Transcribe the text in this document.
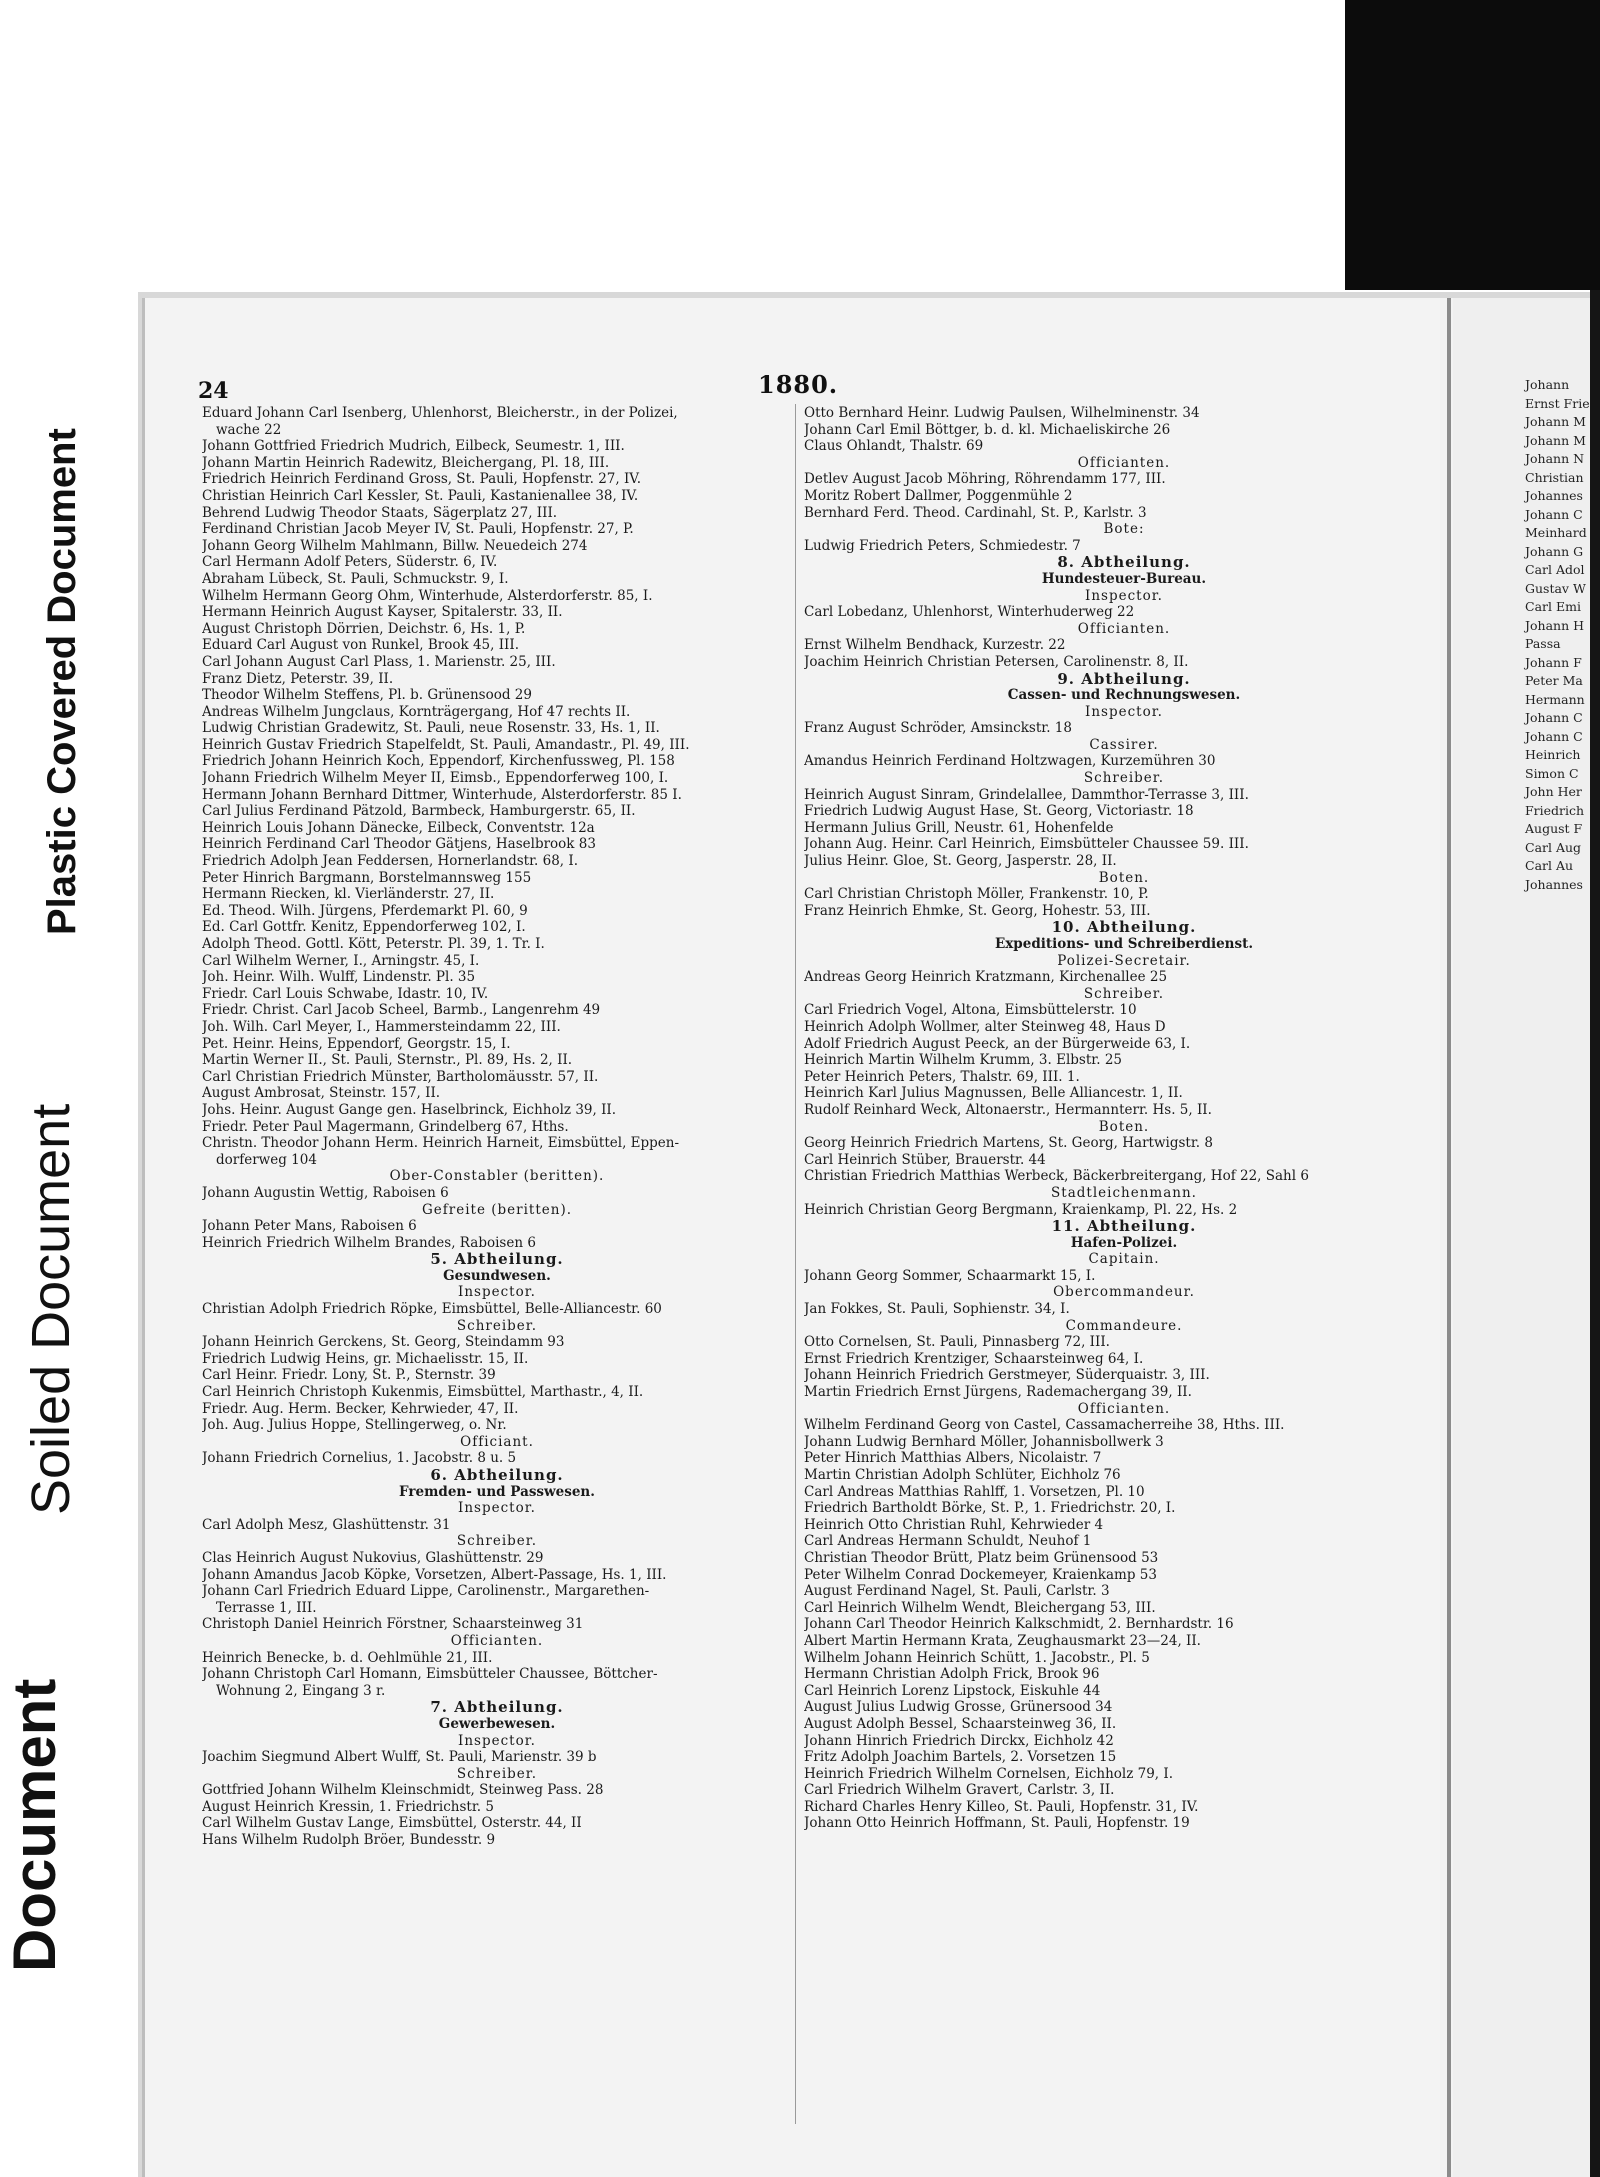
Plastic Covered Document
Soiled Document
Document
Johann
Ernst Frie
Johann M
Johann M
Johann N
Christian
Johannes
Johann C
Meinhard
Johann G
Carl Adol
Gustav W
Carl Emi
Johann H
Passa
Johann F
Peter Ma
Hermann
Johann C
Johann C
Heinrich
Simon C
John Her
Friedrich
August F
Carl Aug
Carl Au
Johannes
24	1880.
Eduard Johann Carl Isenberg, Uhlenhorst, Bleicherstr., in der Polizei,
wache 22
Johann Gottfried Friedrich Mudrich, Eilbeck, Seumestr. 1, III.
Johann Martin Heinrich Radewitz, Bleichergang, Pl. 18, III.
Friedrich Heinrich Ferdinand Gross, St. Pauli, Hopfenstr. 27, IV.
Christian Heinrich Carl Kessler, St. Pauli, Kastanienallee 38, IV.
Behrend Ludwig Theodor Staats, Sägerplatz 27, III.
Ferdinand Christian Jacob Meyer IV, St. Pauli, Hopfenstr. 27, P.
Johann Georg Wilhelm Mahlmann, Billw. Neuedeich 274
Carl Hermann Adolf Peters, Süderstr. 6, IV.
Abraham Lübeck, St. Pauli, Schmuckstr. 9, I.
Wilhelm Hermann Georg Ohm, Winterhude, Alsterdorferstr. 85, I.
Hermann Heinrich August Kayser, Spitalerstr. 33, II.
August Christoph Dörrien, Deichstr. 6, Hs. 1, P.
Eduard Carl August von Runkel, Brook 45, III.
Carl Johann August Carl Plass, 1. Marienstr. 25, III.
Franz Dietz, Peterstr. 39, II.
Theodor Wilhelm Steffens, Pl. b. Grünensood 29
Andreas Wilhelm Jungclaus, Kornträgergang, Hof 47 rechts II.
Ludwig Christian Gradewitz, St. Pauli, neue Rosenstr. 33, Hs. 1, II.
Heinrich Gustav Friedrich Stapelfeldt, St. Pauli, Amandastr., Pl. 49, III.
Friedrich Johann Heinrich Koch, Eppendorf, Kirchenfussweg, Pl. 158
Johann Friedrich Wilhelm Meyer II, Eimsb., Eppendorferweg 100, I.
Hermann Johann Bernhard Dittmer, Winterhude, Alsterdorferstr. 85 I.
Carl Julius Ferdinand Pätzold, Barmbeck, Hamburgerstr. 65, II.
Heinrich Louis Johann Dänecke, Eilbeck, Conventstr. 12a
Heinrich Ferdinand Carl Theodor Gätjens, Haselbrook 83
Friedrich Adolph Jean Feddersen, Hornerlandstr. 68, I.
Peter Hinrich Bargmann, Borstelmannsweg 155
Hermann Riecken, kl. Vierländerstr. 27, II.
Ed. Theod. Wilh. Jürgens, Pferdemarkt Pl. 60, 9
Ed. Carl Gottfr. Kenitz, Eppendorferweg 102, I.
Adolph Theod. Gottl. Kött, Peterstr. Pl. 39, 1. Tr. I.
Carl Wilhelm Werner, I., Arningstr. 45, I.
Joh. Heinr. Wilh. Wulff, Lindenstr. Pl. 35
Friedr. Carl Louis Schwabe, Idastr. 10, IV.
Friedr. Christ. Carl Jacob Scheel, Barmb., Langenrehm 49
Joh. Wilh. Carl Meyer, I., Hammersteindamm 22, III.
Pet. Heinr. Heins, Eppendorf, Georgstr. 15, I.
Martin Werner II., St. Pauli, Sternstr., Pl. 89, Hs. 2, II.
Carl Christian Friedrich Münster, Bartholomäusstr. 57, II.
August Ambrosat, Steinstr. 157, II.
Johs. Heinr. August Gange gen. Haselbrinck, Eichholz 39, II.
Friedr. Peter Paul Magermann, Grindelberg 67, Hths.
Christn. Theodor Johann Herm. Heinrich Harneit, Eimsbüttel, Eppen-
dorferweg 104
Ober-Constabler (beritten).
Johann Augustin Wettig, Raboisen 6
Gefreite (beritten).
Johann Peter Mans, Raboisen 6
Heinrich Friedrich Wilhelm Brandes, Raboisen 6
5. Abtheilung.
Gesundwesen.
Inspector.
Christian Adolph Friedrich Röpke, Eimsbüttel, Belle-Alliancestr. 60
Schreiber.
Johann Heinrich Gerckens, St. Georg, Steindamm 93
Friedrich Ludwig Heins, gr. Michaelisstr. 15, II.
Carl Heinr. Friedr. Lony, St. P., Sternstr. 39
Carl Heinrich Christoph Kukenmis, Eimsbüttel, Marthastr., 4, II.
Friedr. Aug. Herm. Becker, Kehrwieder, 47, II.
Joh. Aug. Julius Hoppe, Stellingerweg, o. Nr.
Officiant.
Johann Friedrich Cornelius, 1. Jacobstr. 8 u. 5
6. Abtheilung.
Fremden- und Passwesen.
Inspector.
Carl Adolph Mesz, Glashüttenstr. 31
Schreiber.
Clas Heinrich August Nukovius, Glashüttenstr. 29
Johann Amandus Jacob Köpke, Vorsetzen, Albert-Passage, Hs. 1, III.
Johann Carl Friedrich Eduard Lippe, Carolinenstr., Margarethen-
Terrasse 1, III.
Christoph Daniel Heinrich Förstner, Schaarsteinweg 31
Officianten.
Heinrich Benecke, b. d. Oehlmühle 21, III.
Johann Christoph Carl Homann, Eimsbütteler Chaussee, Böttcher-
Wohnung 2, Eingang 3 r.
7. Abtheilung.
Gewerbewesen.
Inspector.
Joachim Siegmund Albert Wulff, St. Pauli, Marienstr. 39 b
Schreiber.
Gottfried Johann Wilhelm Kleinschmidt, Steinweg Pass. 28
August Heinrich Kressin, 1. Friedrichstr. 5
Carl Wilhelm Gustav Lange, Eimsbüttel, Osterstr. 44, II
Hans Wilhelm Rudolph Bröer, Bundesstr. 9
Otto Bernhard Heinr. Ludwig Paulsen, Wilhelminenstr. 34
Johann Carl Emil Böttger, b. d. kl. Michaeliskirche 26
Claus Ohlandt, Thalstr. 69
Officianten.
Detlev August Jacob Möhring, Röhrendamm 177, III.
Moritz Robert Dallmer, Poggenmühle 2
Bernhard Ferd. Theod. Cardinahl, St. P., Karlstr. 3
Bote:
Ludwig Friedrich Peters, Schmiedestr. 7
8. Abtheilung.
Hundesteuer-Bureau.
Inspector.
Carl Lobedanz, Uhlenhorst, Winterhuderweg 22
Officianten.
Ernst Wilhelm Bendhack, Kurzestr. 22
Joachim Heinrich Christian Petersen, Carolinenstr. 8, II.
9. Abtheilung.
Cassen- und Rechnungswesen.
Inspector.
Franz August Schröder, Amsinckstr. 18
Cassirer.
Amandus Heinrich Ferdinand Holtzwagen, Kurzemühren 30
Schreiber.
Heinrich August Sinram, Grindelallee, Dammthor-Terrasse 3, III.
Friedrich Ludwig August Hase, St. Georg, Victoriastr. 18
Hermann Julius Grill, Neustr. 61, Hohenfelde
Johann Aug. Heinr. Carl Heinrich, Eimsbütteler Chaussee 59. III.
Julius Heinr. Gloe, St. Georg, Jasperstr. 28, II.
Boten.
Carl Christian Christoph Möller, Frankenstr. 10, P.
Franz Heinrich Ehmke, St. Georg, Hohestr. 53, III.
10. Abtheilung.
Expeditions- und Schreiberdienst.
Polizei-Secretair.
Andreas Georg Heinrich Kratzmann, Kirchenallee 25
Schreiber.
Carl Friedrich Vogel, Altona, Eimsbüttelerstr. 10
Heinrich Adolph Wollmer, alter Steinweg 48, Haus D
Adolf Friedrich August Peeck, an der Bürgerweide 63, I.
Heinrich Martin Wilhelm Krumm, 3. Elbstr. 25
Peter Heinrich Peters, Thalstr. 69, III. 1.
Heinrich Karl Julius Magnussen, Belle Alliancestr. 1, II.
Rudolf Reinhard Weck, Altonaerstr., Hermannterr. Hs. 5, II.
Boten.
Georg Heinrich Friedrich Martens, St. Georg, Hartwigstr. 8
Carl Heinrich Stüber, Brauerstr. 44
Christian Friedrich Matthias Werbeck, Bäckerbreitergang, Hof 22, Sahl 6
Stadtleichenmann.
Heinrich Christian Georg Bergmann, Kraienkamp, Pl. 22, Hs. 2
11. Abtheilung.
Hafen-Polizei.
Capitain.
Johann Georg Sommer, Schaarmarkt 15, I.
Obercommandeur.
Jan Fokkes, St. Pauli, Sophienstr. 34, I.
Commandeure.
Otto Cornelsen, St. Pauli, Pinnasberg 72, III.
Ernst Friedrich Krentziger, Schaarsteinweg 64, I.
Johann Heinrich Friedrich Gerstmeyer, Süderquaistr. 3, III.
Martin Friedrich Ernst Jürgens, Rademachergang 39, II.
Officianten.
Wilhelm Ferdinand Georg von Castel, Cassamacherreihe 38, Hths. III.
Johann Ludwig Bernhard Möller, Johannisbollwerk 3
Peter Hinrich Matthias Albers, Nicolaistr. 7
Martin Christian Adolph Schlüter, Eichholz 76
Carl Andreas Matthias Rahlff, 1. Vorsetzen, Pl. 10
Friedrich Bartholdt Börke, St. P., 1. Friedrichstr. 20, I.
Heinrich Otto Christian Ruhl, Kehrwieder 4
Carl Andreas Hermann Schuldt, Neuhof 1
Christian Theodor Brütt, Platz beim Grünensood 53
Peter Wilhelm Conrad Dockemeyer, Kraienkamp 53
August Ferdinand Nagel, St. Pauli, Carlstr. 3
Carl Heinrich Wilhelm Wendt, Bleichergang 53, III.
Johann Carl Theodor Heinrich Kalkschmidt, 2. Bernhardstr. 16
Albert Martin Hermann Krata, Zeughausmarkt 23—24, II.
Wilhelm Johann Heinrich Schütt, 1. Jacobstr., Pl. 5
Hermann Christian Adolph Frick, Brook 96
Carl Heinrich Lorenz Lipstock, Eiskuhle 44
August Julius Ludwig Grosse, Grünersood 34
August Adolph Bessel, Schaarsteinweg 36, II.
Johann Hinrich Friedrich Dirckx, Eichholz 42
Fritz Adolph Joachim Bartels, 2. Vorsetzen 15
Heinrich Friedrich Wilhelm Cornelsen, Eichholz 79, I.
Carl Friedrich Wilhelm Gravert, Carlstr. 3, II.
Richard Charles Henry Killeo, St. Pauli, Hopfenstr. 31, IV.
Johann Otto Heinrich Hoffmann, St. Pauli, Hopfenstr. 19
